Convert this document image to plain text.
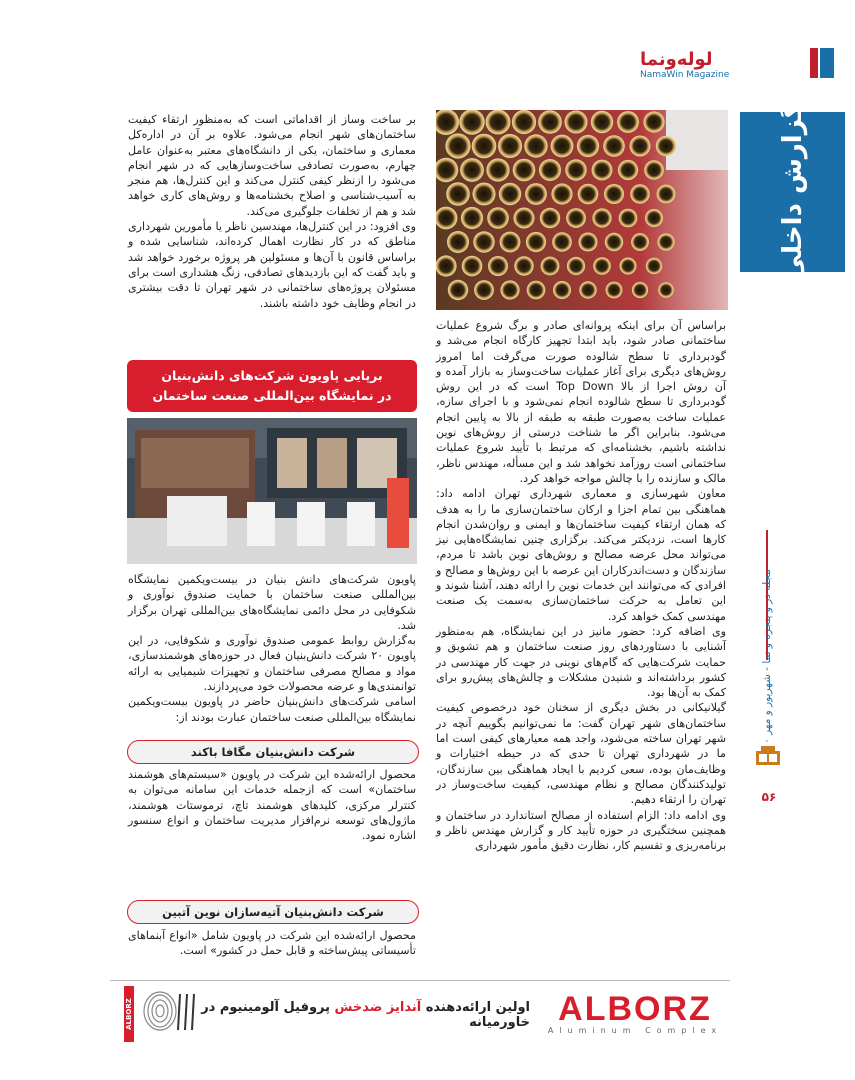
لوله‌ونما
NamaWin Magazine
گزارش داخلی
مجله در و پنجره و نما - شهریور و مهر
۵۶

بر ساخت وساز از اقداماتی است که به‌منظور ارتقاء کیفیت ساختمان‌های شهر انجام می‌شود. علاوه بر آن در اداره‌کل معماری و ساختمان، یکی از دانشگاه‌های معتبر به‌عنوان عامل چهارم، به‌صورت تصادفی ساخت‌وسازهایی که در شهر انجام می‌شود را ازنظر کیفی کنترل می‌کند و این کنترل‌ها، هم منجر به آسیب‌شناسی و اصلاح بخشنامه‌ها و روش‌های کاری خواهد شد و هم از تخلفات جلوگیری می‌کند.

وی افزود: در این کنترل‌ها، مهندسین ناظر یا مأمورین شهرداری مناطق که در کار نظارت اهمال کرده‌اند، شناسایی شده و براساس قانون با آن‌ها و مسئولین هر پروژه برخورد خواهد شد و باید گفت که این بازدیدهای تصادفی، زنگ هشداری است برای مسئولان پروژه‌های ساختمانی در شهر تهران تا دقت بیشتری در انجام وظایف خود داشته باشند.

برپایی پاویون شرکت‌های دانش‌بنیان
در نمایشگاه بین‌المللی صنعت ساختمان

پاویون شرکت‌های دانش بنیان در بیست‌ویکمین نمایشگاه بین‌المللی صنعت ساختمان با حمایت صندوق نوآوری و شکوفایی در محل دائمی نمایشگاه‌های بین‌المللی تهران برگزار شد.

به‌گزارش روابط عمومی صندوق نوآوری و شکوفایی، در این پاویون ۲۰ شرکت دانش‌بنیان فعال در حوزه‌های هوشمندسازی، مواد و مصالح مصرفی ساختمان و تجهیزات شیمیایی به ارائه توانمندی‌ها و عرضه محصولات خود می‌پردازند.

اسامی شرکت‌های دانش‌بنیان حاضر در پاویون بیست‌ویکمین نمایشگاه بین‌المللی صنعت ساختمان عبارت بودند از:

شرکت دانش‌بنیان مگافا باکند

محصول ارائه‌شده این شرکت در پاویون «سیستم‌های هوشمند ساختمان» است که ازجمله خدمات این سامانه می‌توان به کنترلر مرکزی، کلیدهای هوشمند تاچ، ترموستات هوشمند، ماژول‌های توسعه نرم‌افزار مدیریت ساختمان و انواع سنسور اشاره نمود.

شرکت دانش‌بنیان آتیه‌سازان نوین آتبین

محصول ارائه‌شده این شرکت در پاویون شامل «انواع آبنماهای تأسیساتی پیش‌ساخته و قابل حمل در کشور» است.

براساس آن برای اینکه پروانه‌ای صادر و برگ شروع عملیات ساختمانی صادر شود، باید ابتدا تجهیز کارگاه انجام می‌شد و گودبرداری تا سطح شالوده صورت می‌گرفت اما امروز روش‌های دیگری برای آغاز عملیات ساخت‌وساز به بازار آمده و آن روش اجرا از بالا Top Down است که در این روش گودبرداری تا سطح شالوده انجام نمی‌شود و با اجرای سازه، عملیات ساخت به‌صورت طبقه به طبقه از بالا به پایین انجام می‌شود. بنابراین اگر ما شناخت درستی از روش‌های نوین نداشته باشیم، بخشنامه‌ای که مرتبط با تأیید شروع عملیات ساختمانی است روزآمد نخواهد شد و این مسأله، مهندس ناظر، مالک و سازنده را با چالش مواجه خواهد کرد.

معاون شهرسازی و معماری شهرداری تهران ادامه داد: هماهنگی بین تمام اجزا و ارکان ساختمان‌سازی ما را به هدف که همان ارتقاء کیفیت ساختمان‌ها و ایمنی و روان‌شدن انجام کارها است، نزدیکتر می‌کند. برگزاری چنین نمایشگاه‌هایی نیز می‌تواند محل عرضه مصالح و روش‌های نوین باشد تا مردم، سازندگان و دست‌اندرکاران این عرصه با این روش‌ها و مصالح و افرادی که می‌توانند این خدمات نوین را ارائه دهند، آشنا شوند و این تعامل به حرکت ساختمان‌سازی به‌سمت یک صنعت مهندسی کمک خواهد کرد.

وی اضافه کرد: حضور مانیز در این نمایشگاه، هم به‌منظور آشنایی با دستاوردهای روز صنعت ساختمان و هم تشویق و حمایت شرکت‌هایی که گام‌های نوینی در جهت کار مهندسی در کشور برداشته‌اند و شنیدن مشکلات و چالش‌های پیش‌رو برای کمک به آن‌ها بود.

گیلانیکانی در بخش دیگری از سخنان خود درخصوص کیفیت ساختمان‌های شهر تهران گفت: ما نمی‌توانیم بگوییم آنچه در شهر تهران ساخته می‌شود، واجد همه معیارهای کیفی است اما ما در شهرداری تهران تا حدی که در حیطه اختیارات و وظایف‌مان بوده، سعی کردیم با ایجاد هماهنگی بین سازندگان، تولیدکنندگان مصالح و نظام مهندسی، کیفیت ساخت‌وساز در تهران را ارتقاء دهیم.

وی ادامه داد: الزام استفاده از مصالح استاندارد در ساختمان و همچنین سختگیری در حوزه تأیید کار و گزارش مهندس ناظر و برنامه‌ریزی و تقسیم کار، نظارت دقیق مأمور شهرداری

ALBORZ
Aluminum Complex
اولین ارائه‌دهنده آندایز ضدخش پروفیل آلومینیوم در خاورمیانه
ALBORZ
